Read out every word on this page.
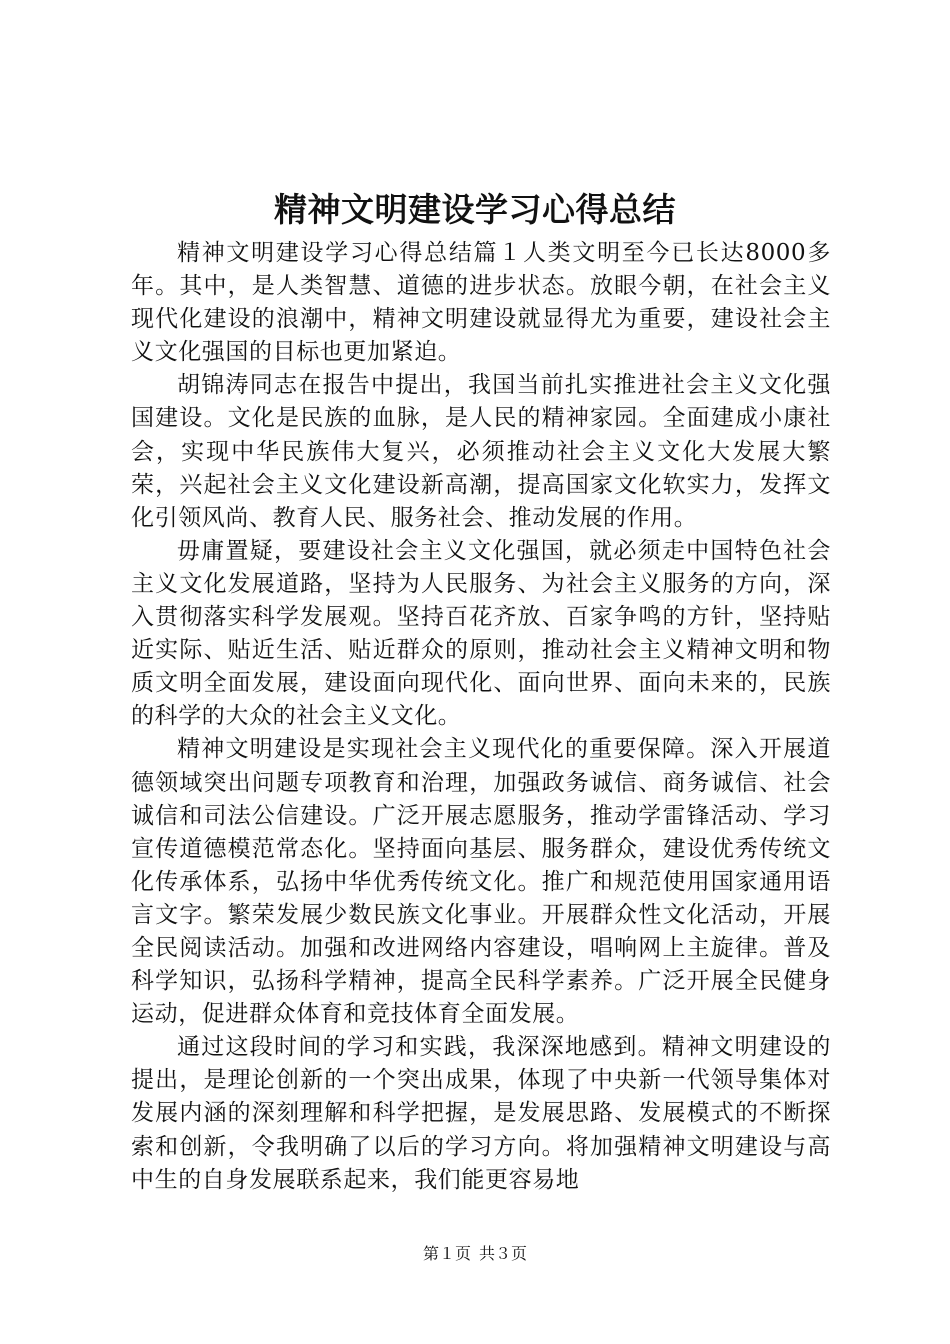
精神文明建设学习心得总结

精神文明建设学习心得总结篇１人类文明至今已长达8000多年。其中，是人类智慧、道德的进步状态。放眼今朝，在社会主义现代化建设的浪潮中，精神文明建设就显得尤为重要，建设社会主义文化强国的目标也更加紧迫。

胡锦涛同志在报告中提出，我国当前扎实推进社会主义文化强国建设。文化是民族的血脉，是人民的精神家园。全面建成小康社会，实现中华民族伟大复兴，必须推动社会主义文化大发展大繁荣，兴起社会主义文化建设新高潮，提高国家文化软实力，发挥文化引领风尚、教育人民、服务社会、推动发展的作用。

毋庸置疑，要建设社会主义文化强国，就必须走中国特色社会主义文化发展道路，坚持为人民服务、为社会主义服务的方向，深入贯彻落实科学发展观。坚持百花齐放、百家争鸣的方针，坚持贴近实际、贴近生活、贴近群众的原则，推动社会主义精神文明和物质文明全面发展，建设面向现代化、面向世界、面向未来的，民族的科学的大众的社会主义文化。

精神文明建设是实现社会主义现代化的重要保障。深入开展道德领域突出问题专项教育和治理，加强政务诚信、商务诚信、社会诚信和司法公信建设。广泛开展志愿服务，推动学雷锋活动、学习宣传道德模范常态化。坚持面向基层、服务群众，建设优秀传统文化传承体系，弘扬中华优秀传统文化。推广和规范使用国家通用语言文字。繁荣发展少数民族文化事业。开展群众性文化活动，开展全民阅读活动。加强和改进网络内容建设，唱响网上主旋律。普及科学知识，弘扬科学精神，提高全民科学素养。广泛开展全民健身运动，促进群众体育和竞技体育全面发展。

通过这段时间的学习和实践，我深深地感到。精神文明建设的提出，是理论创新的一个突出成果，体现了中央新一代领导集体对发展内涵的深刻理解和科学把握，是发展思路、发展模式的不断探索和创新，令我明确了以后的学习方向。将加强精神文明建设与高中生的自身发展联系起来，我们能更容易地

第１页 共３页
